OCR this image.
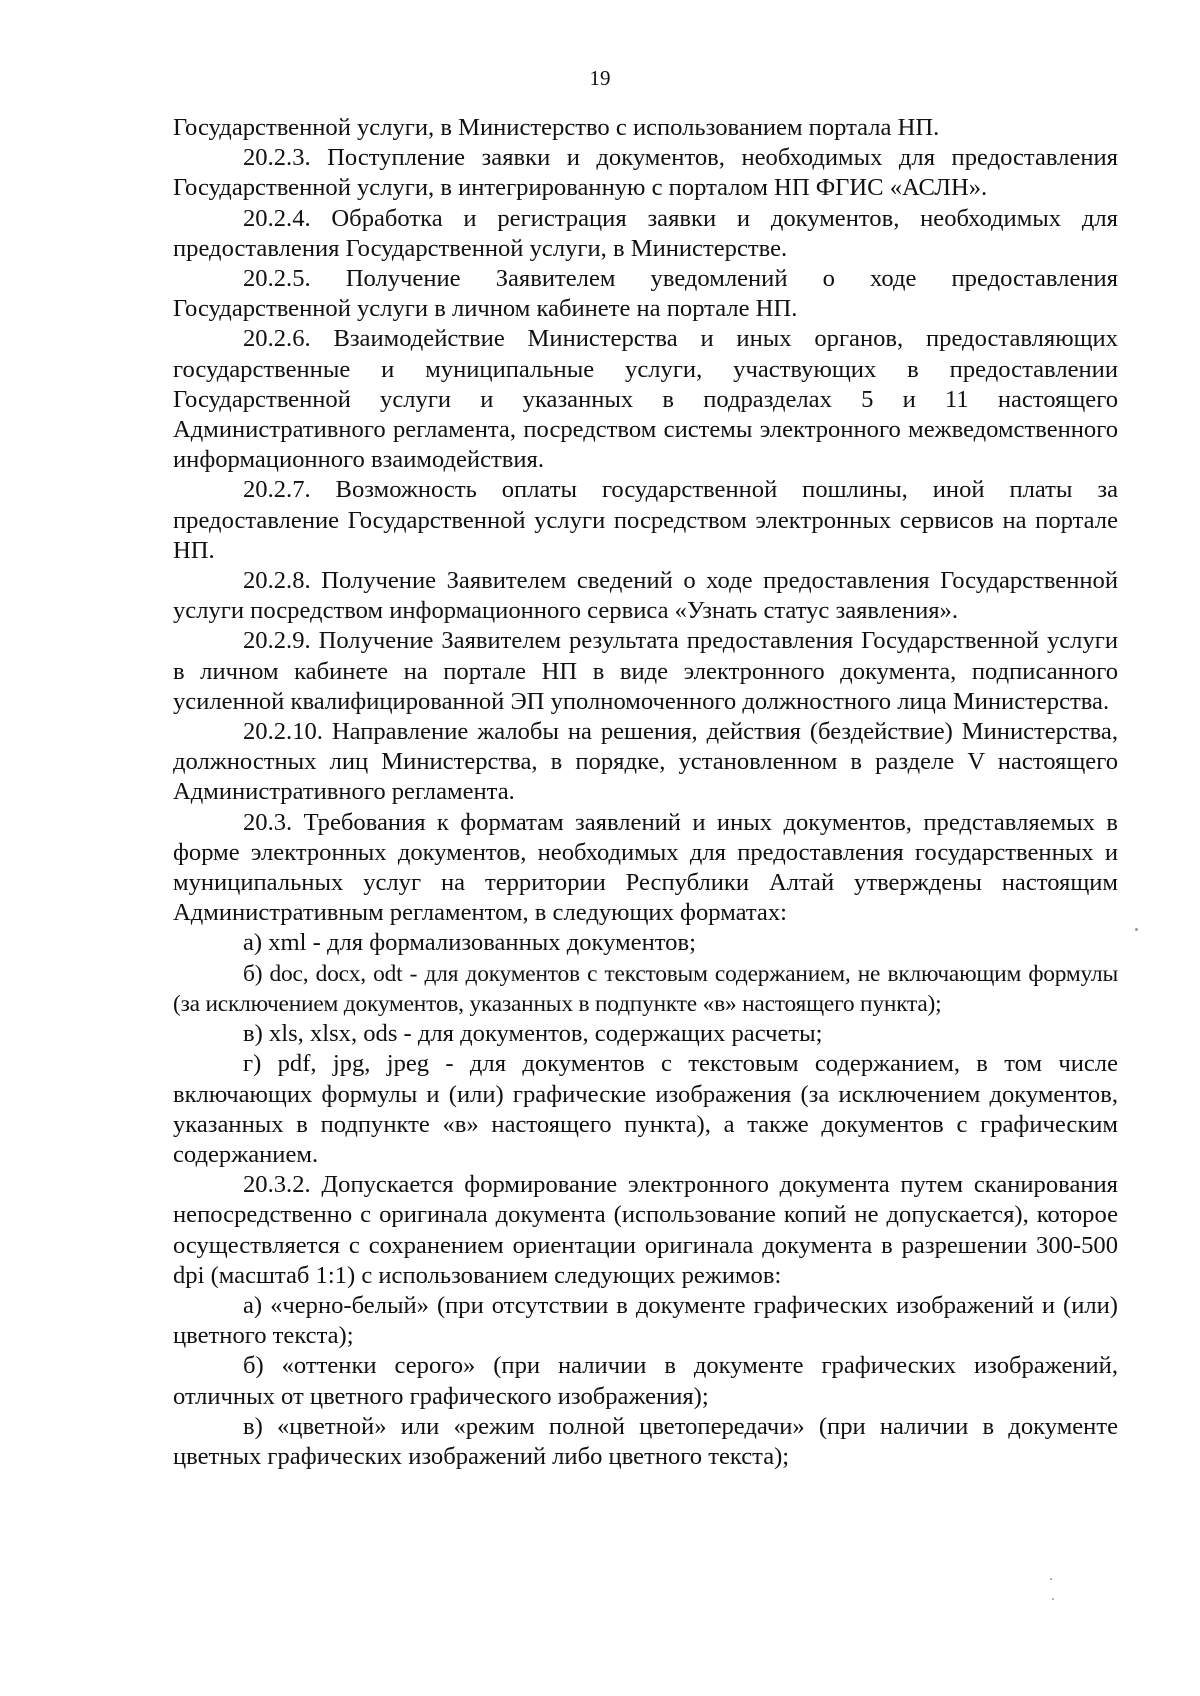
19

Государственной услуги, в Министерство с использованием портала НП.

20.2.3. Поступление заявки и документов, необходимых для предоставления Государственной услуги, в интегрированную с порталом НП ФГИС «АСЛН».

20.2.4. Обработка и регистрация заявки и документов, необходимых для предоставления Государственной услуги, в Министерстве.

20.2.5. Получение Заявителем уведомлений о ходе предоставления Государственной услуги в личном кабинете на портале НП.

20.2.6. Взаимодействие Министерства и иных органов, предоставляющих государственные и муниципальные услуги, участвующих в предоставлении Государственной услуги и указанных в подразделах 5 и 11 настоящего Административного регламента, посредством системы электронного межведомственного информационного взаимодействия.

20.2.7. Возможность оплаты государственной пошлины, иной платы за предоставление Государственной услуги посредством электронных сервисов на портале НП.

20.2.8. Получение Заявителем сведений о ходе предоставления Государственной услуги посредством информационного сервиса «Узнать статус заявления».

20.2.9. Получение Заявителем результата предоставления Государственной услуги в личном кабинете на портале НП в виде электронного документа, подписанного усиленной квалифицированной ЭП уполномоченного должностного лица Министерства.

20.2.10. Направление жалобы на решения, действия (бездействие) Министерства, должностных лиц Министерства, в порядке, установленном в разделе V настоящего Административного регламента.

20.3. Требования к форматам заявлений и иных документов, представляемых в форме электронных документов, необходимых для предоставления государственных и муниципальных услуг на территории Республики Алтай утверждены настоящим Административным регламентом, в следующих форматах:

а) xml - для формализованных документов;

б) doc, docx, odt - для документов с текстовым содержанием, не включающим формулы (за исключением документов, указанных в подпункте «в» настоящего пункта);

в) xls, xlsx, ods - для документов, содержащих расчеты;

г) pdf, jpg, jpeg - для документов с текстовым содержанием, в том числе включающих формулы и (или) графические изображения (за исключением документов, указанных в подпункте «в» настоящего пункта), а также документов с графическим содержанием.

20.3.2. Допускается формирование электронного документа путем сканирования непосредственно с оригинала документа (использование копий не допускается), которое осуществляется с сохранением ориентации оригинала документа в разрешении 300-500 dpi (масштаб 1:1) с использованием следующих режимов:

а) «черно-белый» (при отсутствии в документе графических изображений и (или) цветного текста);

б) «оттенки серого» (при наличии в документе графических изображений, отличных от цветного графического изображения);

в) «цветной» или «режим полной цветопередачи» (при наличии в документе цветных графических изображений либо цветного текста);
